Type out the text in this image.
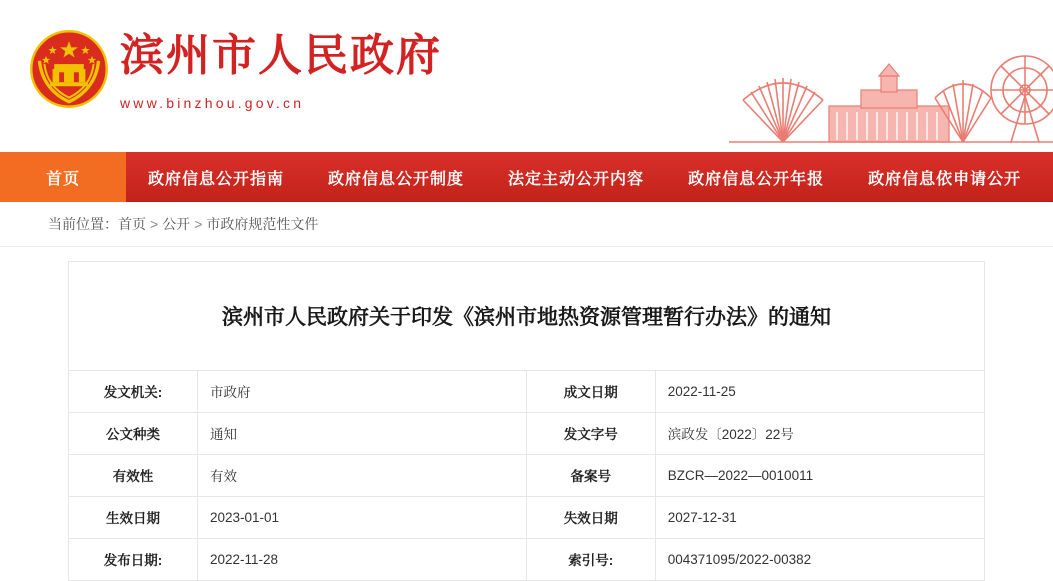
滨州市人民政府
www.binzhou.gov.cn
首页	政府信息公开指南	政府信息公开制度	法定主动公开内容	政府信息公开年报	政府信息依申请公开
当前位置： 首页 > 公开 > 市政府规范性文件
滨州市人民政府关于印发《滨州市地热资源管理暂行办法》的通知
发文机关:	市政府	成文日期	2022-11-25
公文种类	通知	发文字号	滨政发〔2022〕22号
有效性	有效	备案号	BZCR—2022—0010011
生效日期	2023-01-01	失效日期	2027-12-31
发布日期:	2022-11-28	索引号:	004371095/2022-00382
